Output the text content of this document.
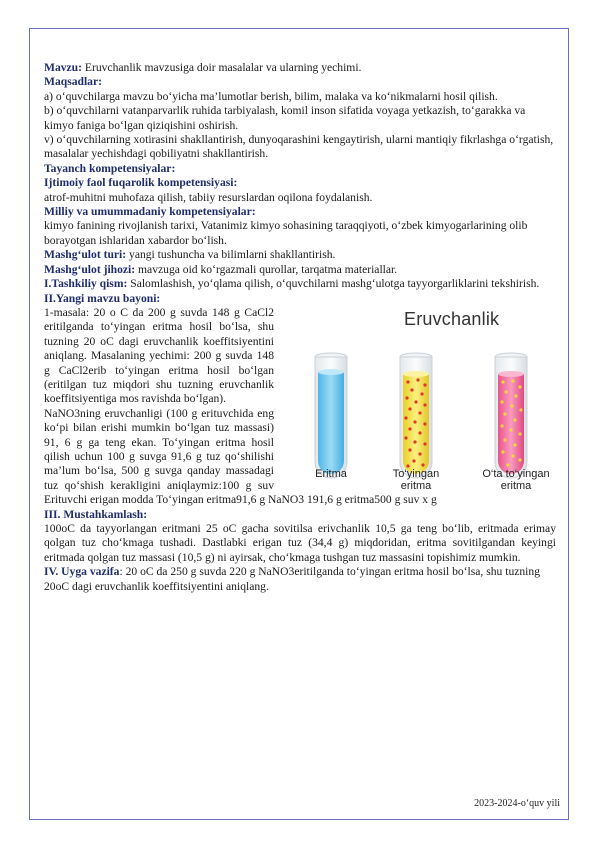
Mavzu: Eruvchanlik mavzusiga doir masalalar va ularning yechimi.

Maqsadlar:

a) o‘quvchilarga mavzu bo‘yicha ma’lumotlar berish, bilim, malaka va ko‘nikmalarni hosil qilish.

b) o‘quvchilarni vatanparvarlik ruhida tarbiyalash, komil inson sifatida voyaga yetkazish, to‘garakka va kimyo faniga bo‘lgan qiziqishini oshirish.

v) o‘quvchilarning xotirasini shakllantirish, dunyoqarashini kengaytirish, ularni mantiqiy fikrlashga o‘rgatish, masalalar yechishdagi qobiliyatni shakllantirish.

Tayanch kompetensiyalar:

Ijtimoiy faol fuqarolik kompetensiyasi:

atrof-muhitni muhofaza qilish, tabiiy resurslardan oqilona foydalanish.

Milliy va umummadaniy kompetensiyalar:

kimyo fanining rivojlanish tarixi, Vatanimiz kimyo sohasining taraqqiyoti, o‘zbek kimyogarlarining olib borayotgan ishlaridan xabardor bo‘lish.

Mashg‘ulot turi: yangi tushuncha va bilimlarni shakllantirish.

Mashg‘ulot jihozi: mavzuga oid ko‘rgazmali qurollar, tarqatma materiallar.

I.Tashkiliy qism: Salomlashish, yo‘qlama qilish, o‘quvchilarni mashg‘ulotga tayyorgarliklarini tekshirish.

II.Yangi mavzu bayoni:

Eruvchanlik
Eritma	To‘yingan
eritma
O‘ta to‘yingan
eritma

1-masala: 20 o C da 200 g suvda 148 g CaCl2 eritilganda to‘yingan eritma hosil bo‘lsa, shu tuzning 20 oC dagi eruvchanlik koeffitsiyentini aniqlang. Masalaning yechimi: 200 g suvda 148 g CaCl2erib to‘yingan eritma hosil bo‘lgan (eritilgan tuz miqdori shu tuzning eruvchanlik koeffitsiyentiga mos ravishda bo‘lgan).

NaNO3ning eruvchanligi (100 g erituvchida eng ko‘pi bilan erishi mumkin bo‘lgan tuz massasi) 91, 6 g ga teng ekan. To‘yingan eritma hosil qilish uchun 100 g suvga 91,6 g tuz qo‘shilishi ma’lum bo‘lsa, 500 g suvga qanday massadagi tuz qo‘shish kerakligini aniqlaymiz:100 g suv Erituvchi erigan modda To‘yingan eritma91,6 g NaNO3 191,6 g eritma500 g suv x g

III. Mustahkamlash:

100oC da tayyorlangan eritmani 25 oC gacha sovitilsa erivchanlik 10,5 ga teng bo‘lib, eritmada erimay qolgan tuz cho‘kmaga tushadi. Dastlabki erigan tuz (34,4 g) miqdoridan, eritma sovitilgandan keyingi eritmada qolgan tuz massasi (10,5 g) ni ayirsak, cho‘kmaga tushgan tuz massasini topishimiz mumkin.

IV. Uyga vazifa: 20 oC da 250 g suvda 220 g NaNO3eritilganda to‘yingan eritma hosil bo‘lsa, shu tuzning 20oC dagi eruvchanlik koeffitsiyentini aniqlang.

2023-2024-o‘quv yili
